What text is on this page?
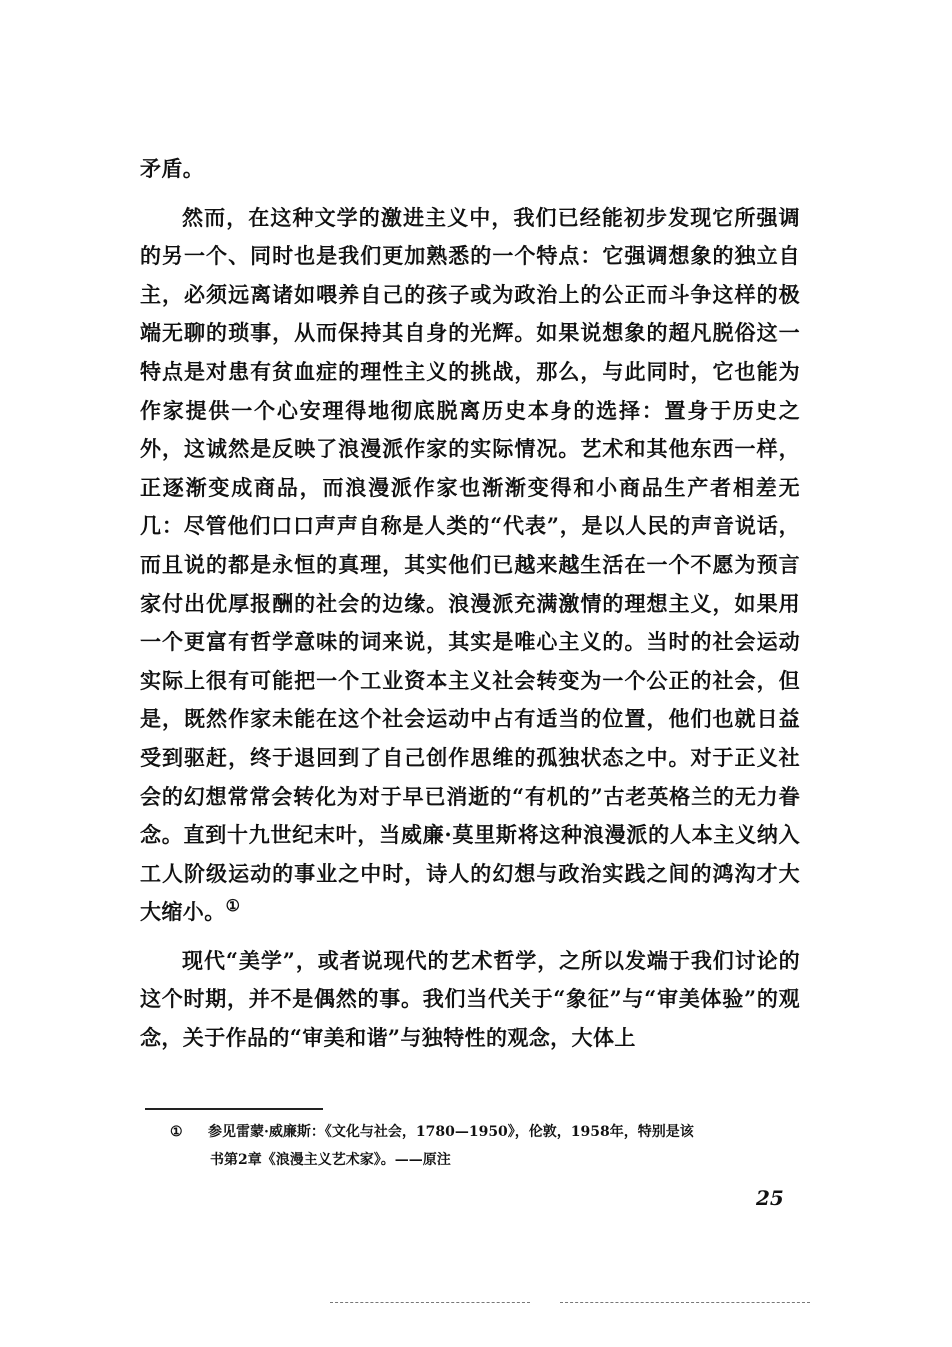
矛盾。

然而，在这种文学的激进主义中，我们已经能初步发现它所强调的另一个、同时也是我们更加熟悉的一个特点：它强调想象的独立自主，必须远离诸如喂养自己的孩子或为政治上的公正而斗争这样的极端无聊的琐事，从而保持其自身的光辉。如果说想象的超凡脱俗这一特点是对患有贫血症的理性主义的挑战，那么，与此同时，它也能为作家提供一个心安理得地彻底脱离历史本身的选择：置身于历史之外，这诚然是反映了浪漫派作家的实际情况。艺术和其他东西一样，正逐渐变成商品，而浪漫派作家也渐渐变得和小商品生产者相差无几：尽管他们口口声声自称是人类的“代表”，是以人民的声音说话，而且说的都是永恒的真理，其实他们已越来越生活在一个不愿为预言家付出优厚报酬的社会的边缘。浪漫派充满激情的理想主义，如果用一个更富有哲学意味的词来说，其实是唯心主义的。当时的社会运动实际上很有可能把一个工业资本主义社会转变为一个公正的社会，但是，既然作家未能在这个社会运动中占有适当的位置，他们也就日益受到驱赶，终于退回到了自己创作思维的孤独状态之中。对于正义社会的幻想常常会转化为对于早已消逝的“有机的”古老英格兰的无力眷念。直到十九世纪末叶，当威廉·莫里斯将这种浪漫派的人本主义纳入工人阶级运动的事业之中时，诗人的幻想与政治实践之间的鸿沟才大大缩小。①

现代“美学”，或者说现代的艺术哲学，之所以发端于我们讨论的这个时期，并不是偶然的事。我们当代关于“象征”与“审美体验”的观念，关于作品的“审美和谐”与独特性的观念，大体上

① 参见雷蒙·威廉斯：《文化与社会，1780—1950》，伦敦，1958年，特别是该
书第2章《浪漫主义艺术家》。——原注
25
